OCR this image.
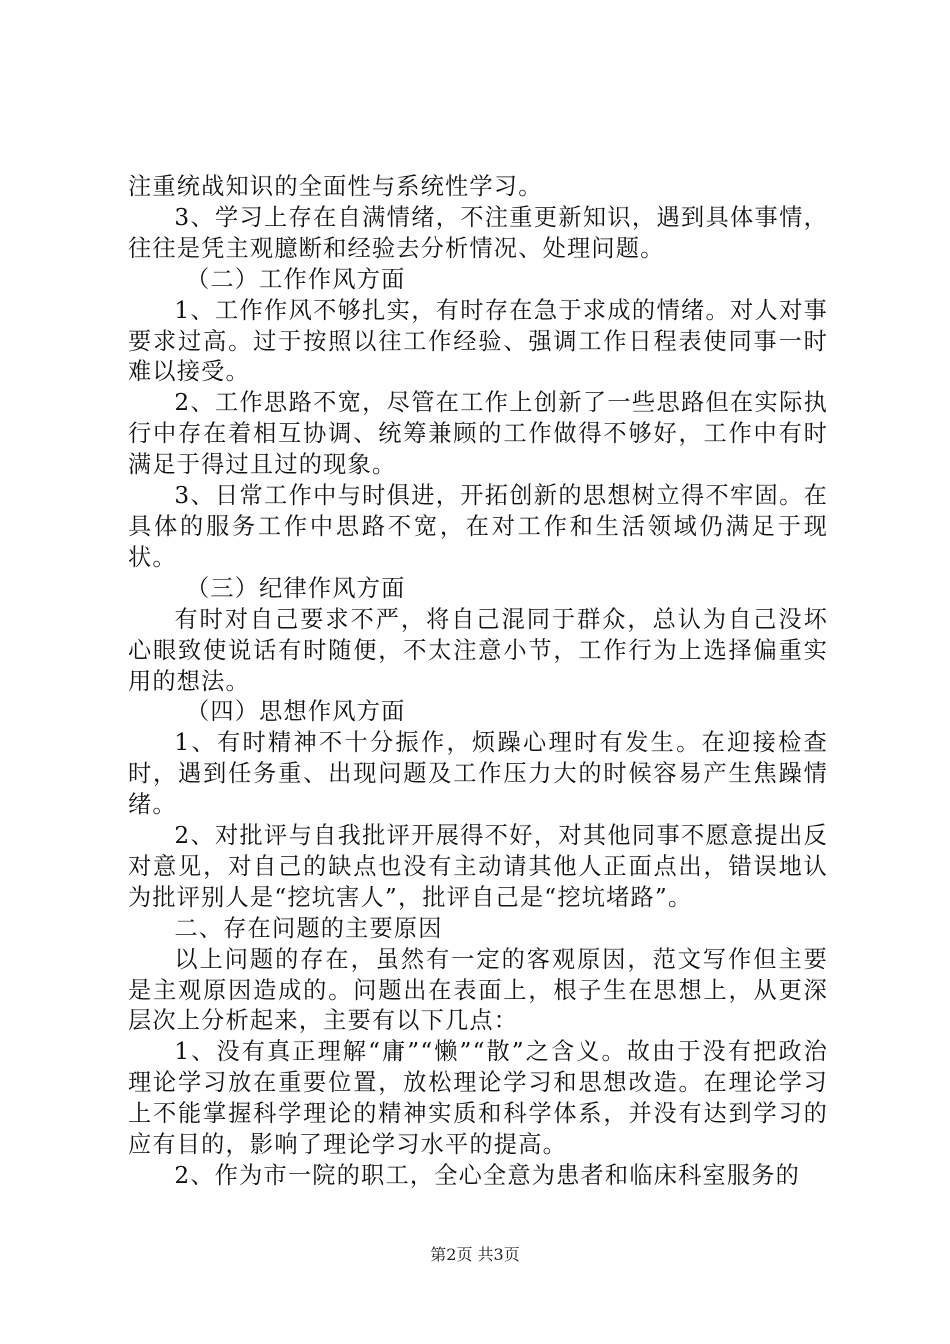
注重统战知识的全面性与系统性学习。

3、学习上存在自满情绪，不注重更新知识，遇到具体事情，往往是凭主观臆断和经验去分析情况、处理问题。

（二）工作作风方面

1、工作作风不够扎实，有时存在急于求成的情绪。对人对事要求过高。过于按照以往工作经验、强调工作日程表使同事一时难以接受。

2、工作思路不宽，尽管在工作上创新了一些思路但在实际执行中存在着相互协调、统筹兼顾的工作做得不够好，工作中有时满足于得过且过的现象。

3、日常工作中与时俱进，开拓创新的思想树立得不牢固。在具体的服务工作中思路不宽，在对工作和生活领域仍满足于现状。

（三）纪律作风方面

有时对自己要求不严，将自己混同于群众，总认为自己没坏心眼致使说话有时随便，不太注意小节，工作行为上选择偏重实用的想法。

（四）思想作风方面

1、有时精神不十分振作，烦躁心理时有发生。在迎接检查时，遇到任务重、出现问题及工作压力大的时候容易产生焦躁情绪。

2、对批评与自我批评开展得不好，对其他同事不愿意提出反对意见，对自己的缺点也没有主动请其他人正面点出，错误地认为批评别人是“挖坑害人”，批评自己是“挖坑堵路”。

二、存在问题的主要原因

以上问题的存在，虽然有一定的客观原因，范文写作但主要是主观原因造成的。问题出在表面上，根子生在思想上，从更深层次上分析起来，主要有以下几点：

1、没有真正理解“庸”“懒”“散”之含义。故由于没有把政治理论学习放在重要位置，放松理论学习和思想改造。在理论学习上不能掌握科学理论的精神实质和科学体系，并没有达到学习的应有目的，影响了理论学习水平的提高。

2、作为市一院的职工，全心全意为患者和临床科室服务的

第2页 共3页
